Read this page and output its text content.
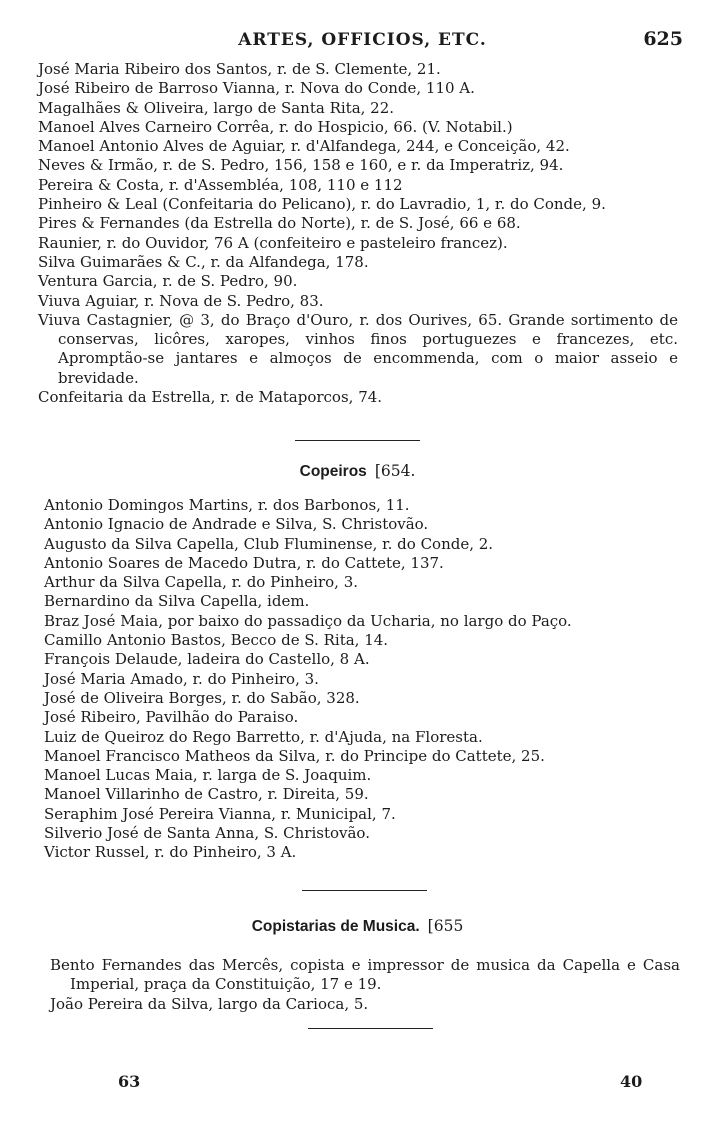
ARTES, OFFICIOS, ETC.	625
José Maria Ribeiro dos Santos, r. de S. Clemente, 21.
José Ribeiro de Barroso Vianna, r. Nova do Conde, 110 A.
Magalhães & Oliveira, largo de Santa Rita, 22.
Manoel Alves Carneiro Corrêa, r. do Hospicio, 66. (V. Notabil.)
Manoel Antonio Alves de Aguiar, r. d'Alfandega, 244, e Conceição, 42.
Neves & Irmão, r. de S. Pedro, 156, 158 e 160, e r. da Imperatriz, 94.
Pereira & Costa, r. d'Assembléa, 108, 110 e 112
Pinheiro & Leal (Confeitaria do Pelicano), r. do Lavradio, 1, r. do Conde, 9.
Pires & Fernandes (da Estrella do Norte), r. de S. José, 66 e 68.
Raunier, r. do Ouvidor, 76 A (confeiteiro e pasteleiro francez).
Silva Guimarães & C., r. da Alfandega, 178.
Ventura Garcia, r. de S. Pedro, 90.
Viuva Aguiar, r. Nova de S. Pedro, 83.
Viuva Castagnier, @ 3, do Braço d'Ouro, r. dos Ourives, 65. Grande sortimento de conservas, licôres, xaropes, vinhos finos portuguezes e francezes, etc. Apromptão-se jantares e almoços de encommenda, com o maior asseio e brevidade.
Confeitaria da Estrella, r. de Mataporcos, 74.
Copeiros [654.
Antonio Domingos Martins, r. dos Barbonos, 11.
Antonio Ignacio de Andrade e Silva, S. Christovão.
Augusto da Silva Capella, Club Fluminense, r. do Conde, 2.
Antonio Soares de Macedo Dutra, r. do Cattete, 137.
Arthur da Silva Capella, r. do Pinheiro, 3.
Bernardino da Silva Capella, idem.
Braz José Maia, por baixo do passadiço da Ucharia, no largo do Paço.
Camillo Antonio Bastos, Becco de S. Rita, 14.
François Delaude, ladeira do Castello, 8 A.
José Maria Amado, r. do Pinheiro, 3.
José de Oliveira Borges, r. do Sabão, 328.
José Ribeiro, Pavilhão do Paraiso.
Luiz de Queiroz do Rego Barretto, r. d'Ajuda, na Floresta.
Manoel Francisco Matheos da Silva, r. do Principe do Cattete, 25.
Manoel Lucas Maia, r. larga de S. Joaquim.
Manoel Villarinho de Castro, r. Direita, 59.
Seraphim José Pereira Vianna, r. Municipal, 7.
Silverio José de Santa Anna, S. Christovão.
Victor Russel, r. do Pinheiro, 3 A.
Copistarias de Musica. [655
Bento Fernandes das Mercês, copista e impressor de musica da Capella e Casa Imperial, praça da Constituição, 17 e 19.
João Pereira da Silva, largo da Carioca, 5.
63	40
